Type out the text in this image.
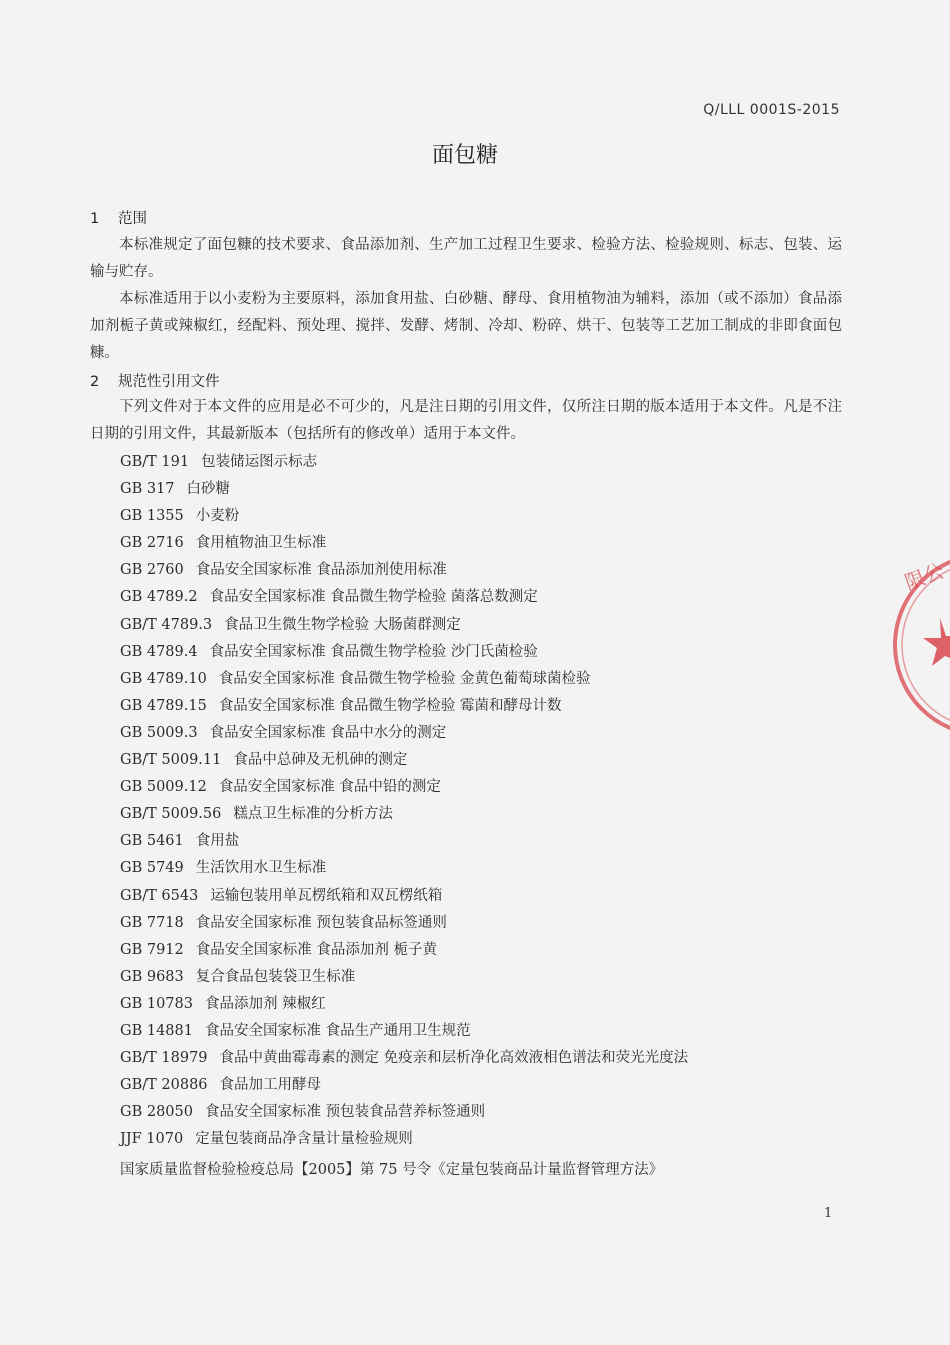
Q/LLL 0001S-2015
面包糖
1 范围
本标准规定了面包糠的技术要求、食品添加剂、生产加工过程卫生要求、检验方法、检验规则、标志、包装、运输与贮存。
本标准适用于以小麦粉为主要原料，添加食用盐、白砂糖、酵母、食用植物油为辅料，添加（或不添加）食品添加剂栀子黄或辣椒红，经配料、预处理、搅拌、发酵、烤制、冷却、粉碎、烘干、包装等工艺加工制成的非即食面包糠。
2 规范性引用文件
下列文件对于本文件的应用是必不可少的，凡是注日期的引用文件，仅所注日期的版本适用于本文件。凡是不注日期的引用文件，其最新版本（包括所有的修改单）适用于本文件。
GB/T 191 包装储运图示标志
GB 317 白砂糖
GB 1355 小麦粉
GB 2716 食用植物油卫生标准
GB 2760 食品安全国家标准 食品添加剂使用标准
GB 4789.2 食品安全国家标准 食品微生物学检验 菌落总数测定
GB/T 4789.3 食品卫生微生物学检验 大肠菌群测定
GB 4789.4 食品安全国家标准 食品微生物学检验 沙门氏菌检验
GB 4789.10 食品安全国家标准 食品微生物学检验 金黄色葡萄球菌检验
GB 4789.15 食品安全国家标准 食品微生物学检验 霉菌和酵母计数
GB 5009.3 食品安全国家标准 食品中水分的测定
GB/T 5009.11 食品中总砷及无机砷的测定
GB 5009.12 食品安全国家标准 食品中铅的测定
GB/T 5009.56 糕点卫生标准的分析方法
GB 5461 食用盐
GB 5749 生活饮用水卫生标准
GB/T 6543 运输包装用单瓦楞纸箱和双瓦楞纸箱
GB 7718 食品安全国家标准 预包装食品标签通则
GB 7912 食品安全国家标准 食品添加剂 栀子黄
GB 9683 复合食品包装袋卫生标准
GB 10783 食品添加剂 辣椒红
GB 14881 食品安全国家标准 食品生产通用卫生规范
GB/T 18979 食品中黄曲霉毒素的测定 免疫亲和层析净化高效液相色谱法和荧光光度法
GB/T 20886 食品加工用酵母
GB 28050 食品安全国家标准 预包装食品营养标签通则
JJF 1070 定量包装商品净含量计量检验规则
国家质量监督检验检疫总局【2005】第 75 号令《定量包装商品计量监督管理方法》
1
限公
